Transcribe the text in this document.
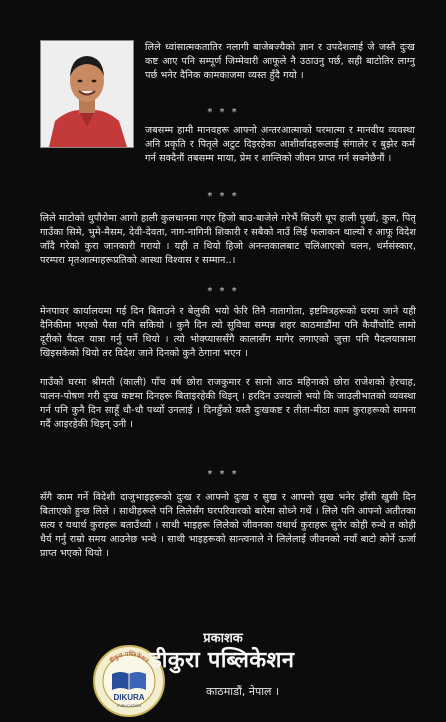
लिले ध्वांसात्मकतातिर नलागी बाजेबज्यैको ज्ञान र उपदेशलाई जे जस्तै दुःख कष्ट आए पनि सम्पूर्ण जिम्मेवारी आफूले नै उठाउनु पर्छ, सही बाटोतिर लाग्नु पर्छ भनेर दैनिक कामकाजमा व्यस्त हुँदै गयो ।

* * *

जबसम्म हामी मानवहरू आफ्नो अन्तरआत्माको परमात्मा र मानवीय व्यवस्था अनि प्रकृति र पितृले अटुट दिइरहेका आशीर्वादहरूलाई संगालेर र बुझेर कर्म गर्न सक्दैनौं तबसम्म माया, प्रेम र शान्तिको जीवन प्राप्त गर्न सक्नेछैनौं ।

* * *

लिले माटोको धुपौरोमा आगो हाली कुलधानमा गएर हिजो बाउ-बाजेले गरेभैं सिउरी धूप हाली पुर्खा, कुल, पितृ गाउँका सिमे, भुमे-मैसम, देवी-देवता, नाग-नागिनी शिकारी र सबैको नाउँ लिई फलाकन थाल्यो र आफू विदेश जाँदै गरेको कुरा जानकारी गरायो । यही त थियो हिजो अनन्तकालबाट चलिआएको चलन, धर्मसंस्कार, परम्परा मृतआत्माहरूप्रतिको आस्था विश्वास र सम्मान..।

* * *

मेनपावर कार्यालयमा गई दिन बिताउने र बेलुकी भयो फेरि तिनै नातागोता, इष्टमित्रहरूको घरमा जाने यही दैनिकीमा भएको पैसा पनि सकियो । कुनै दिन त्यो सुविधा सम्पन्न शहर काठमाडौंमा पनि कैयौंचोटि लामो दूरीको पैदल यात्रा गर्नु पर्ने थियो । त्यो भोक्प्याससँगै कालासँग मागेर लगाएको जुत्ता पनि पैदलयात्रामा खिइसकेको थियो तर विदेश जाने दिनको कुनै ठेगाना भएन ।

गाउँको घरमा श्रीमती (काली) पाँच वर्ष छोरा राजकुमार र सानो आठ महिनाको छोरा राजेशको हेरचाह, पालन-पोषण गरी दुःख कष्टमा दिनहरू बिताइरहेकी थिइन् । हरदिन उज्यालो भयो कि जाउलीभातको व्यवस्था गर्न पनि कुनै दिन साहूँ धौ-धौ पर्थ्यो उनलाई । दिनहुँको यस्तै दुःखकष्ट र तीता-मीठा काम कुराहरूको सामना गर्दै आइरहेकी थिइन् उनी ।

* * *

सँगै काम गर्ने विदेशी दाजुभाइहरूको दुःख र आफ्नो दुःख र सुख र आफ्नो सुख भनेर हाँसी खुसी दिन बिताएको हुन्छ लिले । साथीहरूले पनि लिलेसँग घरपरिवारको बारेमा सोध्ने गर्थे । लिले पनि आफ्नो अतीतका सत्य र यथार्थ कुराहरू बताउँथ्यो । साथी भाइहरू लिलेको जीवनका यथार्थ कुराहरू सुनेर कोही रुन्थे त कोही धैर्य गर्नु राम्रो समय आउनेछ भन्थे । साथी भाइहरूको सान्त्वनाले ने लिलेलाई जीवनको नयाँ बाटो कोर्ने ऊर्जा प्राप्त भएको थियो ।

प्रकाशक
DIKURA
PUBLICATION
डीकुरा पब्लिकेशन डीकुरा पब्लिकेशन
काठमाडौं, नेपाल ।
